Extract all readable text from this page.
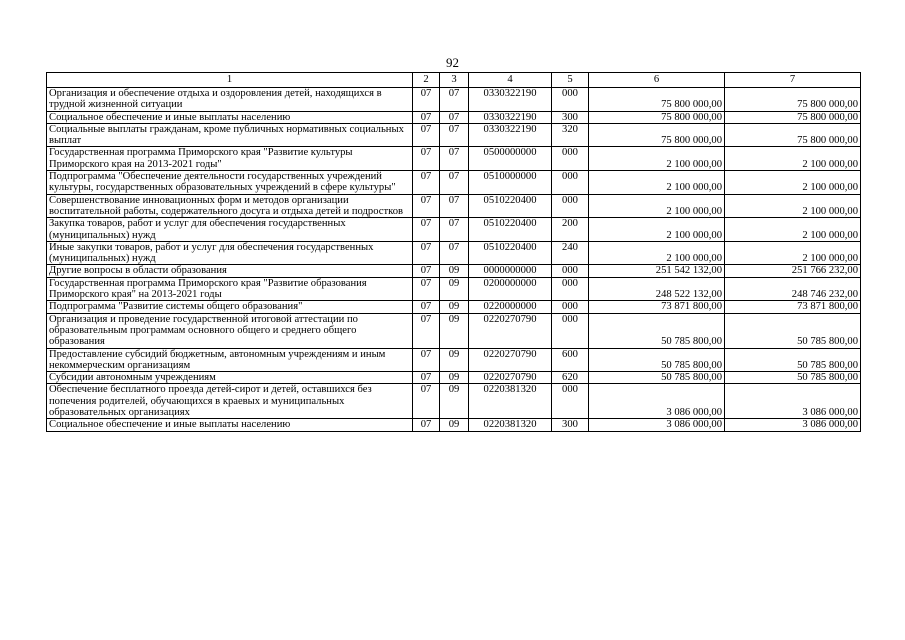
92
1	2	3	4	5	6	7
Организация и обеспечение отдыха и оздоровления детей, находящихся в трудной жизненной ситуации	07	07	0330322190	000	75 800 000,00	75 800 000,00
Социальное обеспечение и иные выплаты населению	07	07	0330322190	300	75 800 000,00	75 800 000,00
Социальные выплаты гражданам, кроме публичных нормативных социальных выплат	07	07	0330322190	320	75 800 000,00	75 800 000,00
Государственная программа Приморского края "Развитие культуры Приморского края на 2013-2021 годы"	07	07	0500000000	000	2 100 000,00	2 100 000,00
Подпрограмма "Обеспечение деятельности государственных учреждений культуры, государственных образовательных учреждений в сфере культуры"	07	07	0510000000	000	2 100 000,00	2 100 000,00
Совершенствование инновационных форм и методов организации воспитательной работы, содержательного досуга и отдыха детей и подростков	07	07	0510220400	000	2 100 000,00	2 100 000,00
Закупка товаров, работ и услуг для обеспечения государственных (муниципальных) нужд	07	07	0510220400	200	2 100 000,00	2 100 000,00
Иные закупки товаров, работ и услуг для обеспечения государственных (муниципальных) нужд	07	07	0510220400	240	2 100 000,00	2 100 000,00
Другие вопросы в области образования	07	09	0000000000	000	251 542 132,00	251 766 232,00
Государственная программа Приморского края "Развитие образования Приморского края" на 2013-2021 годы	07	09	0200000000	000	248 522 132,00	248 746 232,00
Подпрограмма "Развитие системы общего образования"	07	09	0220000000	000	73 871 800,00	73 871 800,00
Организация и проведение государственной итоговой аттестации по образовательным программам основного общего и среднего общего образования	07	09	0220270790	000	50 785 800,00	50 785 800,00
Предоставление субсидий бюджетным, автономным учреждениям и иным некоммерческим организациям	07	09	0220270790	600	50 785 800,00	50 785 800,00
Субсидии автономным учреждениям	07	09	0220270790	620	50 785 800,00	50 785 800,00
Обеспечение бесплатного проезда детей-сирот и детей, оставшихся без попечения родителей, обучающихся в краевых и муниципальных образовательных организациях	07	09	0220381320	000	3 086 000,00	3 086 000,00
Социальное обеспечение и иные выплаты населению	07	09	0220381320	300	3 086 000,00	3 086 000,00
